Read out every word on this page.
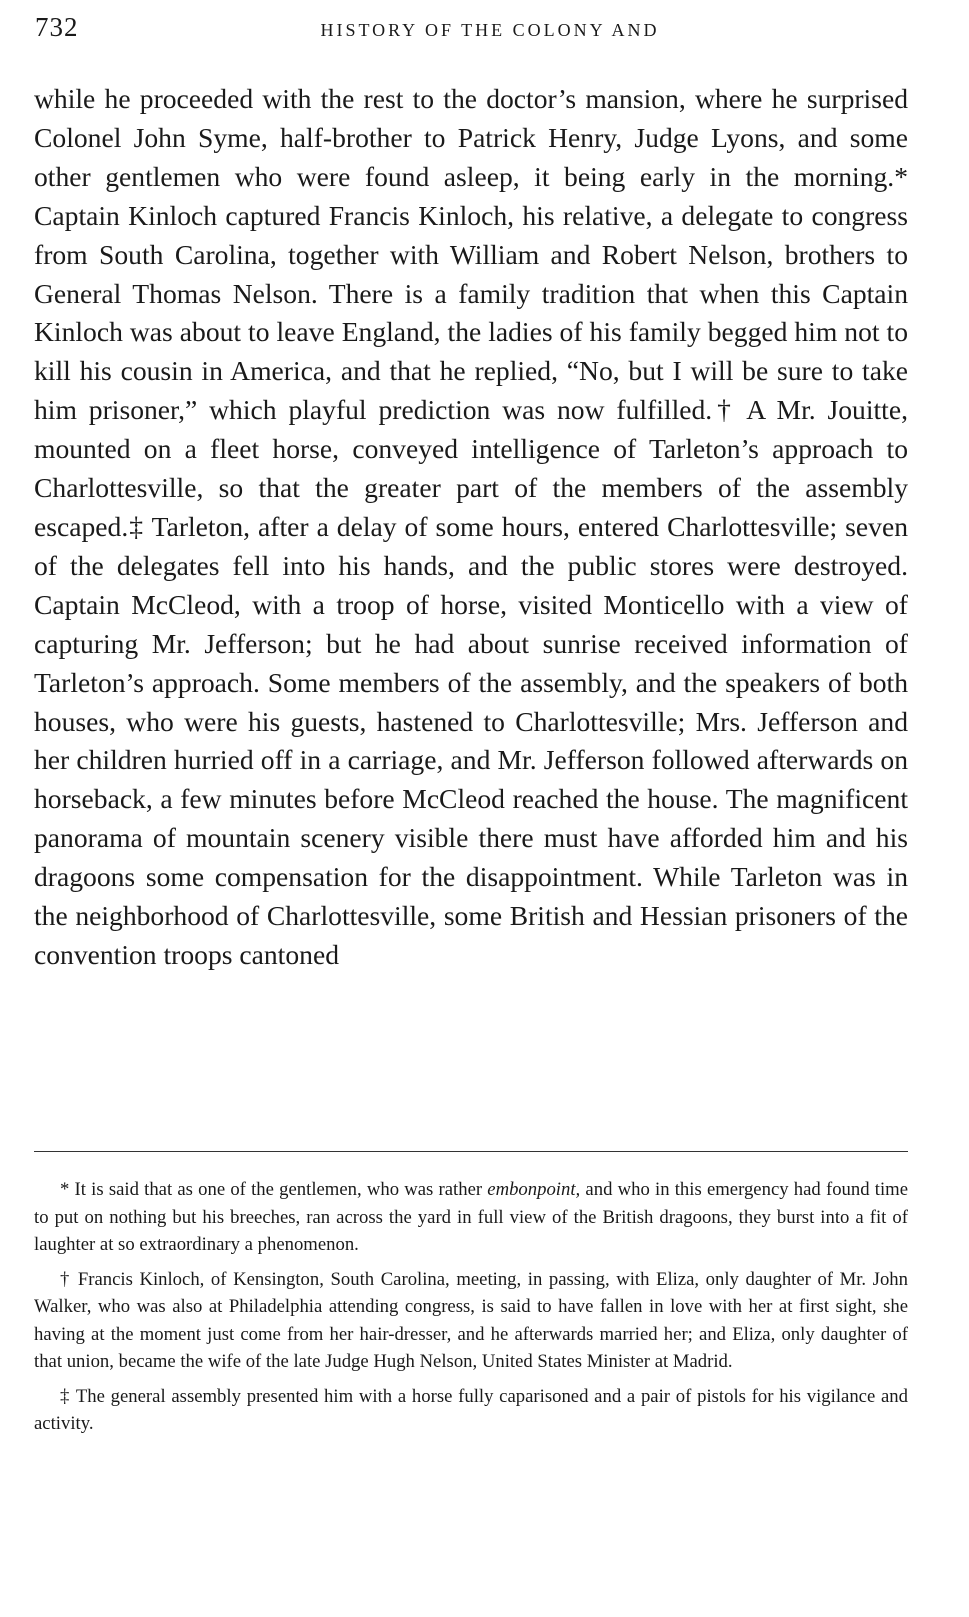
732	HISTORY OF THE COLONY AND

while he proceeded with the rest to the doctor’s mansion, where he surprised Colonel John Syme, half-brother to Patrick Henry, Judge Lyons, and some other gentlemen who were found asleep, it being early in the morning.* Captain Kinloch captured Francis Kinloch, his relative, a delegate to congress from South Carolina, together with William and Robert Nelson, brothers to General Thomas Nelson. There is a family tradition that when this Captain Kinloch was about to leave England, the ladies of his family begged him not to kill his cousin in America, and that he replied, “No, but I will be sure to take him prisoner,” which playful prediction was now fulfilled.† A Mr. Jouitte, mounted on a fleet horse, conveyed intelligence of Tarleton’s approach to Charlottesville, so that the greater part of the members of the assembly escaped.‡ Tarleton, after a delay of some hours, entered Charlottesville; seven of the delegates fell into his hands, and the public stores were destroyed. Captain McCleod, with a troop of horse, visited Monticello with a view of capturing Mr. Jefferson; but he had about sunrise received information of Tarleton’s approach. Some members of the assembly, and the speakers of both houses, who were his guests, hastened to Charlottesville; Mrs. Jefferson and her children hurried off in a carriage, and Mr. Jefferson followed afterwards on horseback, a few minutes before McCleod reached the house. The magnificent panorama of mountain scenery visible there must have afforded him and his dragoons some compensation for the disappointment. While Tarleton was in the neighborhood of Charlottesville, some British and Hessian prisoners of the convention troops cantoned

* It is said that as one of the gentlemen, who was rather embonpoint, and who in this emergency had found time to put on nothing but his breeches, ran across the yard in full view of the British dragoons, they burst into a fit of laughter at so extraordinary a phenomenon.

† Francis Kinloch, of Kensington, South Carolina, meeting, in passing, with Eliza, only daughter of Mr. John Walker, who was also at Philadelphia attending congress, is said to have fallen in love with her at first sight, she having at the moment just come from her hair-dresser, and he afterwards married her; and Eliza, only daughter of that union, became the wife of the late Judge Hugh Nelson, United States Minister at Madrid.

‡ The general assembly presented him with a horse fully caparisoned and a pair of pistols for his vigilance and activity.
